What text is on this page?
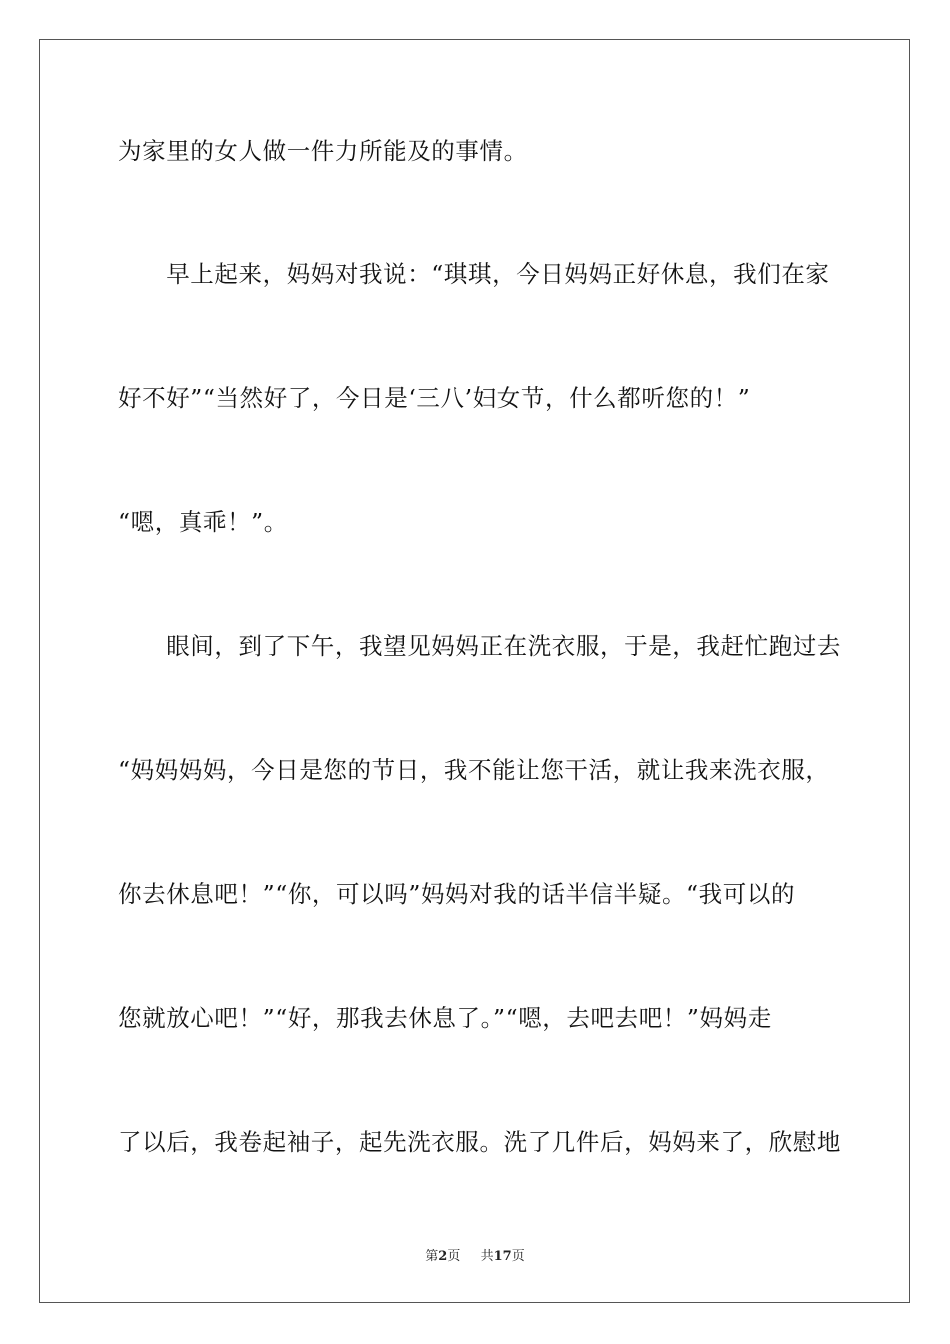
为家里的女人做一件力所能及的事情。
　　早上起来，妈妈对我说：“琪琪，今日妈妈正好休息，我们在家
好不好”“当然好了，今日是‘三八’妇女节，什么都听您的！”
“嗯，真乖！”。
　　眼间，到了下午，我望见妈妈正在洗衣服，于是，我赶忙跑过去
“妈妈妈妈，今日是您的节日，我不能让您干活，就让我来洗衣服，
你去休息吧！”“你，可以吗”妈妈对我的话半信半疑。“我可以的
您就放心吧！”“好，那我去休息了。”“嗯，去吧去吧！”妈妈走
了以后，我卷起袖子，起先洗衣服。洗了几件后，妈妈来了，欣慰地
第2页 共17页
